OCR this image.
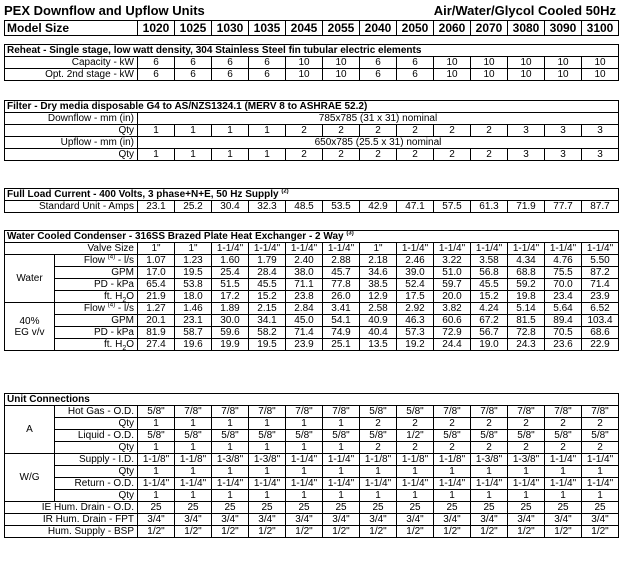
PEX Downflow and Upflow Units	Air/Water/Glycol Cooled 50Hz
Model Size	1020	1025	1030	1035	2045	2055	2040	2050	2060	2070	3080	3090	3100
Reheat - Single stage, low watt density, 304 Stainless Steel fin tubular electric elements													
Capacity - kW	6	6	6	6	10	10	6	6	10	10	10	10	10
Opt. 2nd stage - kW	6	6	6	6	10	10	6	6	10	10	10	10	10
Filter - Dry media disposable G4 to AS/NZS1324.1 (MERV 8 to ASHRAE 52.2)													
Downflow - mm (in)	785x785 (31 x 31) nominal												
Qty	1	1	1	1	2	2	2	2	2	2	3	3	3
Upflow - mm (in)	650x785 (25.5 x 31) nominal												
Qty	1	1	1	1	2	2	2	2	2	2	3	3	3
Full Load Current - 400 Volts, 3 phase+N+E, 50 Hz Supply $^{(2)}$
Standard Unit - Amps	23.1	25.2	30.4	32.3	48.5	53.5	42.9	47.1	57.5	61.3	71.9	77.7	87.7
Water Cooled Condenser - 316SS Brazed Plate Heat Exchanger - 2 Way $^{(3)}$
Valve Size		1"	1"	1-1/4"	1-1/4"	1-1/4"	1-1/4"	1"	1-1/4"	1-1/4"	1-1/4"	1-1/4"	1-1/4"	1-1/4"
Water	Flow $^{(4)}$ - l/s	1.07	1.23	1.60	1.79	2.40	2.88	2.18	2.46	3.22	3.58	4.34	4.76	5.50
	GPM	17.0	19.5	25.4	28.4	38.0	45.7	34.6	39.0	51.0	56.8	68.8	75.5	87.2
	PD - kPa	65.4	53.8	51.5	45.5	71.1	77.8	38.5	52.4	59.7	45.5	59.2	70.0	71.4
	ft. $H_2O$	21.9	18.0	17.2	15.2	23.8	26.0	12.9	17.5	20.0	15.2	19.8	23.4	23.9
40%
EG v/v	Flow $^{(4)}$ - l/s	1.27	1.46	1.89	2.15	2.84	3.41	2.58	2.92	3.82	4.24	5.14	5.64	6.52
	GPM	20.1	23.1	30.0	34.1	45.0	54.1	40.9	46.3	60.6	67.2	81.5	89.4	103.4
	PD - kPa	81.9	58.7	59.6	58.2	71.4	74.9	40.4	57.3	72.9	56.7	72.8	70.5	68.6
	ft. $H_2O$	27.4	19.6	19.9	19.5	23.9	25.1	13.5	19.2	24.4	19.0	24.3	23.6	22.9
Unit Connections														
A	Hot Gas - O.D.	5/8"	7/8"	7/8"	7/8"	7/8"	7/8"	5/8"	5/8"	7/8"	7/8"	7/8"	7/8"	7/8"
	Qty	1	1	1	1	1	1	2	2	2	2	2	2	2
	Liquid - O.D.	5/8"	5/8"	5/8"	5/8"	5/8"	5/8"	5/8"	1/2"	5/8"	5/8"	5/8"	5/8"	5/8"
	Qty	1	1	1	1	1	1	2	2	2	2	2	2	2
W/G	Supply - I.D.	1-1/8"	1-1/8"	1-3/8"	1-3/8"	1-1/4"	1-1/4"	1-1/8"	1-1/8"	1-1/8"	1-3/8"	1-3/8"	1-1/4"	1-1/4"
	Qty	1	1	1	1	1	1	1	1	1	1	1	1	1
	Return - O.D.	1-1/4"	1-1/4"	1-1/4"	1-1/4"	1-1/4"	1-1/4"	1-1/4"	1-1/4"	1-1/4"	1-1/4"	1-1/4"	1-1/4"	1-1/4"
	Qty	1	1	1	1	1	1	1	1	1	1	1	1	1
IE Hum. Drain - O.D.		25	25	25	25	25	25	25	25	25	25	25	25	25
IR Hum. Drain - FPT		3/4"	3/4"	3/4"	3/4"	3/4"	3/4"	3/4"	3/4"	3/4"	3/4"	3/4"	3/4"	3/4"
Hum. Supply - BSP		1/2"	1/2"	1/2"	1/2"	1/2"	1/2"	1/2"	1/2"	1/2"	1/2"	1/2"	1/2"	1/2"
